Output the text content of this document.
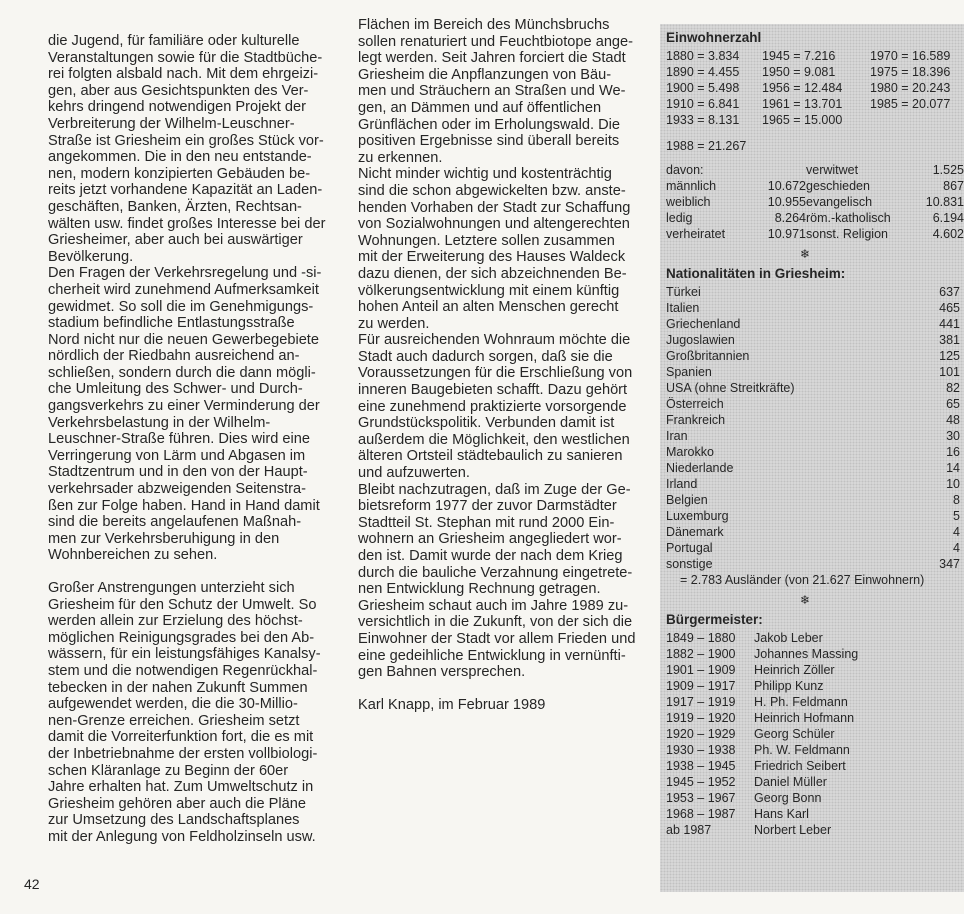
die Jugend, für familiäre oder kulturelle
Veranstaltungen sowie für die Stadtbüche-
rei folgten alsbald nach. Mit dem ehrgeizi-
gen, aber aus Gesichtspunkten des Ver-
kehrs dringend notwendigen Projekt der
Verbreiterung der Wilhelm-Leuschner-
Straße ist Griesheim ein großes Stück vor-
angekommen. Die in den neu entstande-
nen, modern konzipierten Gebäuden be-
reits jetzt vorhandene Kapazität an Laden-
geschäften, Banken, Ärzten, Rechtsan-
wälten usw. findet großes Interesse bei der
Griesheimer, aber auch bei auswärtiger
Bevölkerung.

Den Fragen der Verkehrsregelung und -si-
cherheit wird zunehmend Aufmerksamkeit
gewidmet. So soll die im Genehmigungs-
stadium befindliche Entlastungsstraße
Nord nicht nur die neuen Gewerbegebiete
nördlich der Riedbahn ausreichend an-
schließen, sondern durch die dann mögli-
che Umleitung des Schwer- und Durch-
gangsverkehrs zu einer Verminderung der
Verkehrsbelastung in der Wilhelm-
Leuschner-Straße führen. Dies wird eine
Verringerung von Lärm und Abgasen im
Stadtzentrum und in den von der Haupt-
verkehrsader abzweigenden Seitenstra-
ßen zur Folge haben. Hand in Hand damit
sind die bereits angelaufenen Maßnah-
men zur Verkehrsberuhigung in den
Wohnbereichen zu sehen.

Großer Anstrengungen unterzieht sich
Griesheim für den Schutz der Umwelt. So
werden allein zur Erzielung des höchst-
möglichen Reinigungsgrades bei den Ab-
wässern, für ein leistungsfähiges Kanalsy-
stem und die notwendigen Regenrückhal-
tebecken in der nahen Zukunft Summen
aufgewendet werden, die die 30-Millio-
nen-Grenze erreichen. Griesheim setzt
damit die Vorreiterfunktion fort, die es mit
der Inbetriebnahme der ersten vollbiologi-
schen Kläranlage zu Beginn der 60er
Jahre erhalten hat. Zum Umweltschutz in
Griesheim gehören aber auch die Pläne
zur Umsetzung des Landschaftsplanes
mit der Anlegung von Feldholzinseln usw.

Flächen im Bereich des Münchsbruchs
sollen renaturiert und Feuchtbiotope ange-
legt werden. Seit Jahren forciert die Stadt
Griesheim die Anpflanzungen von Bäu-
men und Sträuchern an Straßen und We-
gen, an Dämmen und auf öffentlichen
Grünflächen oder im Erholungswald. Die
positiven Ergebnisse sind überall bereits
zu erkennen.

Nicht minder wichtig und kostenträchtig
sind die schon abgewickelten bzw. anste-
henden Vorhaben der Stadt zur Schaffung
von Sozialwohnungen und altengerechten
Wohnungen. Letztere sollen zusammen
mit der Erweiterung des Hauses Waldeck
dazu dienen, der sich abzeichnenden Be-
völkerungsentwicklung mit einem künftig
hohen Anteil an alten Menschen gerecht
zu werden.

Für ausreichenden Wohnraum möchte die
Stadt auch dadurch sorgen, daß sie die
Voraussetzungen für die Erschließung von
inneren Baugebieten schafft. Dazu gehört
eine zunehmend praktizierte vorsorgende
Grundstückspolitik. Verbunden damit ist
außerdem die Möglichkeit, den westlichen
älteren Ortsteil städtebaulich zu sanieren
und aufzuwerten.

Bleibt nachzutragen, daß im Zuge der Ge-
bietsreform 1977 der zuvor Darmstädter
Stadtteil St. Stephan mit rund 2000 Ein-
wohnern an Griesheim angegliedert wor-
den ist. Damit wurde der nach dem Krieg
durch die bauliche Verzahnung eingetrete-
nen Entwicklung Rechnung getragen.
Griesheim schaut auch im Jahre 1989 zu-
versichtlich in die Zukunft, von der sich die
Einwohner der Stadt vor allem Frieden und
eine gedeihliche Entwicklung in vernünfti-
gen Bahnen versprechen.

Karl Knapp, im Februar 1989

42
Einwohnerzahl
1880 = 3.834	1945 = 7.216	1970 = 16.589
1890 = 4.455	1950 = 9.081	1975 = 18.396
1900 = 5.498	1956 = 12.484	1980 = 20.243
1910 = 6.841	1961 = 13.701	1985 = 20.077
1933 = 8.131	1965 = 15.000
1988 = 21.267
davon:	verwitwet	1.525
männlich	10.672 geschieden	867
weiblich	10.955 evangelisch	10.831
ledig	8.264 röm.-katholisch	6.194
verheiratet	10.971 sonst. Religion	4.602
❄
Nationalitäten in Griesheim:
Türkei	637
Italien	465
Griechenland	441
Jugoslawien	381
Großbritannien	125
Spanien	101
USA (ohne Streitkräfte)	82
Österreich	65
Frankreich	48
Iran	30
Marokko	16
Niederlande	14
Irland	10
Belgien	8
Luxemburg	5
Dänemark	4
Portugal	4
sonstige	347
= 2.783 Ausländer (von 21.627 Einwohnern)
❄
Bürgermeister:
1849 – 1880	Jakob Leber
1882 – 1900	Johannes Massing
1901 – 1909	Heinrich Zöller
1909 – 1917	Philipp Kunz
1917 – 1919	H. Ph. Feldmann
1919 – 1920	Heinrich Hofmann
1920 – 1929	Georg Schüler
1930 – 1938	Ph. W. Feldmann
1938 – 1945	Friedrich Seibert
1945 – 1952	Daniel Müller
1953 – 1967	Georg Bonn
1968 – 1987	Hans Karl
ab 1987	Norbert Leber
